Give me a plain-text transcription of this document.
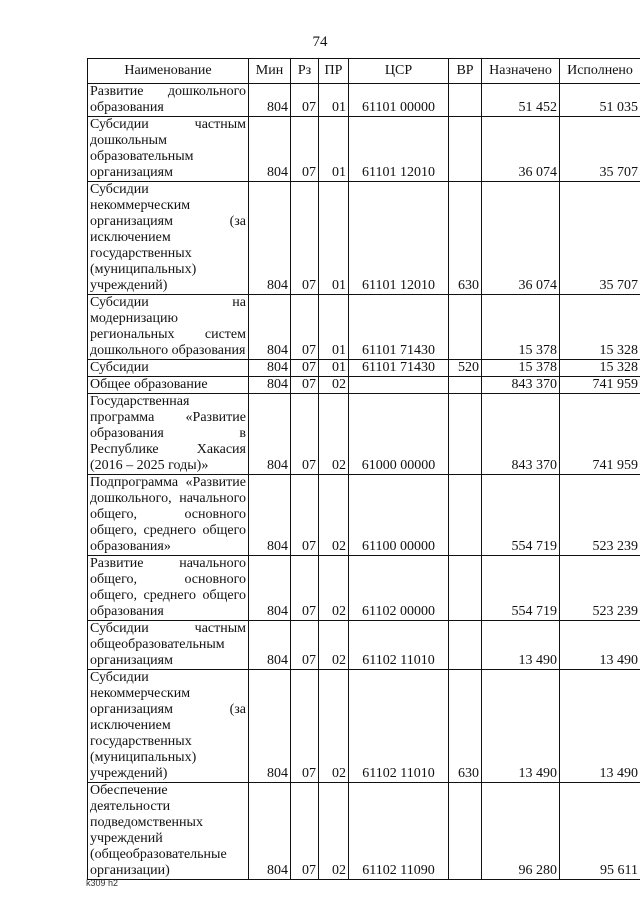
74
Наименование	Мин	Рз	ПР	ЦСР	ВР	Назначено	Исполнено
Развитие дошкольного образования	804	07	01	61101 00000		51 452	51 035
Субсидии частным дошкольным образовательным организациям	804	07	01	61101 12010		36 074	35 707
Субсидии некоммерческим организациям (за исключением государственных (муниципальных) учреждений)	804	07	01	61101 12010	630	36 074	35 707
Субсидии на модернизацию региональных систем дошкольного образования	804	07	01	61101 71430		15 378	15 328
Субсидии	804	07	01	61101 71430	520	15 378	15 328
Общее образование	804	07	02			843 370	741 959
Государственная программа «Развитие образования в Республике Хакасия (2016 – 2025 годы)»	804	07	02	61000 00000		843 370	741 959
Подпрограмма «Развитие дошкольного, начального общего, основного общего, среднего общего образования»	804	07	02	61100 00000		554 719	523 239
Развитие начального общего, основного общего, среднего общего образования	804	07	02	61102 00000		554 719	523 239
Субсидии частным общеобразовательным организациям	804	07	02	61102 11010		13 490	13 490
Субсидии некоммерческим организациям (за исключением государственных (муниципальных) учреждений)	804	07	02	61102 11010	630	13 490	13 490
Обеспечение деятельности подведомственных учреждений (общеобразовательные организации)	804	07	02	61102 11090		96 280	95 611
k309 h2
